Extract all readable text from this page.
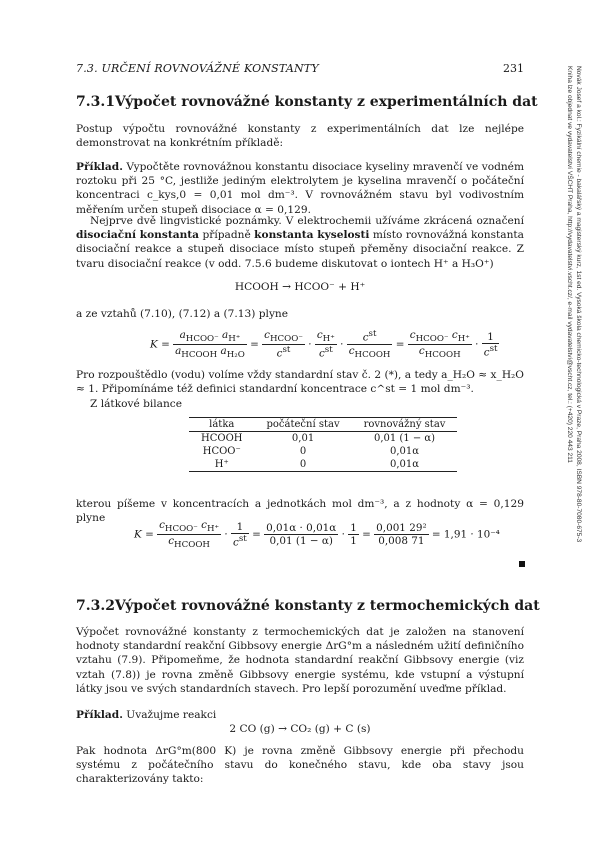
7.3. URČENÍ ROVNOVÁŽNÉ KONSTANTY	231	Novák Josef a kol.: Fyzikální chemie - bakalářský a magisterský kurz, 1st ed. Vysoká škola chemicko-technologická v Praze, Praha 2008, ISBN 978-80-7080-675-3
Kniha lze objednat ve vydavatelství VŠCHT Praha, http://vydavatelstvi.vscht.cz/, e-mail vydavatelstvi@vscht.cz, tel.: (+420) 220 443 211
7.3.1 Výpočet rovnovážné konstanty z experimentálních dat
Postup výpočtu rovnovážné konstanty z experimentálních dat lze nejlépe demonstrovat na konkrétním příkladě:
Příklad. Vypočtěte rovnovážnou konstantu disociace kyseliny mravenčí ve vodném roztoku při 25 °C, jestliže jediným elektrolytem je kyselina mravenčí o počáteční koncentraci c_kys,0 = 0,01 mol dm⁻³. V rovnovážném stavu byl vodivostním měřením určen stupeň disociace α = 0,129.
Nejprve dvě lingvistické poznámky. V elektrochemii užíváme zkrácená označení disociační konstanta případně konstanta kyselosti místo rovnovážná konstanta disociační reakce a stupeň disociace místo stupeň přeměny disociační reakce. Z tvaru disociační reakce (v odd. 7.5.6 budeme diskutovat o iontech H⁺ a H₃O⁺)
HCOOH → HCOO⁻ + H⁺
a ze vztahů (7.10), (7.12) a (7.13) plyne
$K = \frac{a_{HCOO^-} a_{H^+}}{a_{HCOOH} a_{H_2O}} = \frac{c_{HCOO^-}}{c^{st}} \cdot \frac{c_{H^+}}{c^{st}} \cdot \frac{c^{st}}{c_{HCOOH}} = \frac{c_{HCOO^-} c_{H^+}}{c_{HCOOH}} \cdot \frac{1}{c^{st}}$
Pro rozpouštědlo (vodu) volíme vždy standardní stav č. 2 (*), a tedy a_H₂O ≈ x_H₂O ≈ 1. Připomínáme též definici standardní koncentrace c^st = 1 mol dm⁻³.
Z látkové bilance
látka	počáteční stav	rovnovážný stav
HCOOH	0,01	0,01 (1 − α)
HCOO⁻	0	0,01α
H⁺	0	0,01α
kterou píšeme v koncentracích a jednotkách mol dm⁻³, a z hodnoty α = 0,129 plyne
$K = \frac{c_{HCOO^-} c_{H^+}}{c_{HCOOH}} \cdot \frac{1}{c^{st}} = \frac{0,01\alpha \cdot 0,01\alpha}{0,01 (1 - \alpha)} \cdot \frac{1}{1} = \frac{\text{0,001 29²}}{0,008 71} = 1,91 \cdot 10^{-4}$
7.3.2 Výpočet rovnovážné konstanty z termochemických dat
Výpočet rovnovážné konstanty z termochemických dat je založen na stanovení hodnoty standardní reakční Gibbsovy energie ΔrG°m a následném užití definičního vztahu (7.9). Připomeňme, že hodnota standardní reakční Gibbsovy energie (viz vztah (7.8)) je rovna změně Gibbsovy energie systému, kde vstupní a výstupní látky jsou ve svých standardních stavech. Pro lepší porozumění uveďme příklad.
Příklad. Uvažujme reakci
2 CO (g) → CO₂ (g) + C (s)
Pak hodnota ΔrG°m(800 K) je rovna změně Gibbsovy energie při přechodu systému z počátečního stavu do konečného stavu, kde oba stavy jsou charakterizovány takto:
